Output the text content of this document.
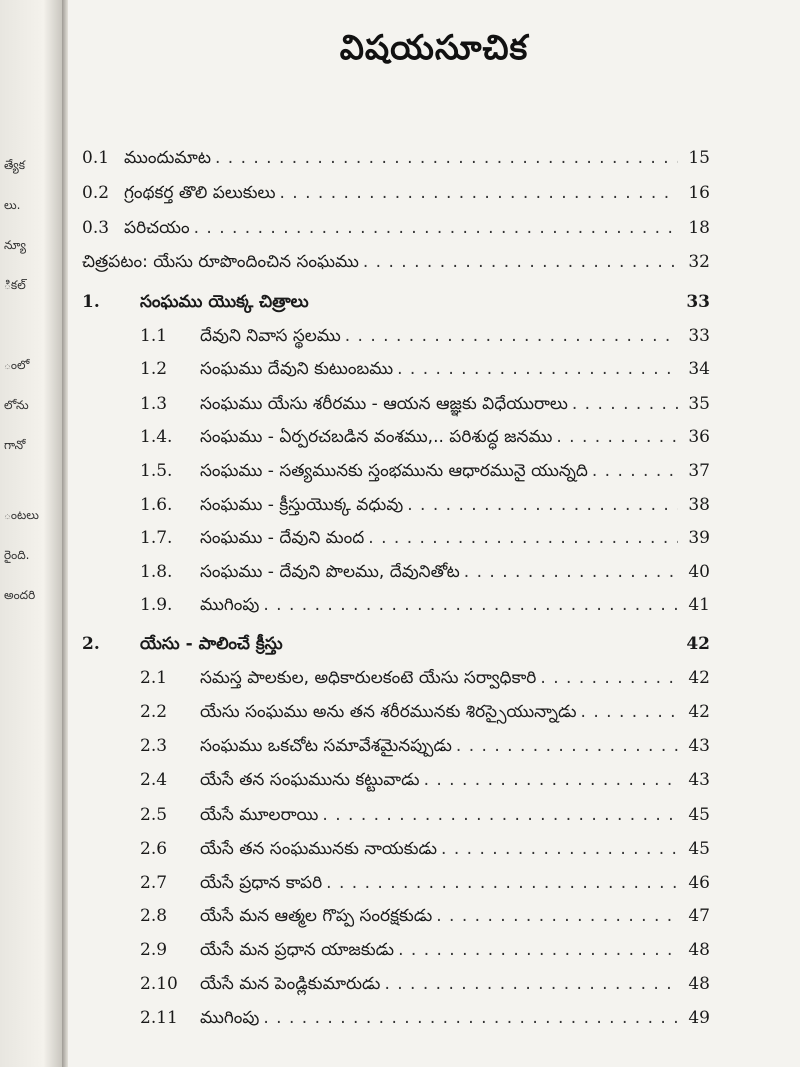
త్యేక
లు.
న్యూ
ికల్
ంలో
లోను
గానో
ంటలు
రైంది.
అందరి
విషయసూచిక
0.1 ముందుమాట . . .	15
0.2 గ్రంథకర్త తొలి పలుకులు . . .	16
0.3 పరిచయం . . .	18
చిత్రపటం: యేసు రూపొందించిన సంఘము . . .	32
1.	సంఘము యొక్క చిత్రాలు	33
1.1	దేవుని నివాస స్థలము . . .	33
1.2	సంఘము దేవుని కుటుంబము . . .	34
1.3	సంఘము యేసు శరీరము - ఆయన ఆజ్ఞకు విధేయురాలు . . .	35
1.4.	సంఘము - ఏర్పరచబడిన వంశము,.. పరిశుద్ధ జనము . . .	36
1.5.	సంఘము - సత్యమునకు స్తంభమును ఆధారమునై యున్నది . . .	37
1.6.	సంఘము - క్రీస్తుయొక్క వధువు . . .	38
1.7.	సంఘము - దేవుని మంద . . .	39
1.8.	సంఘము - దేవుని పొలము, దేవునితోట . . .	40
1.9.	ముగింపు . . .	41
2.	యేసు - పాలించే క్రీస్తు	42
2.1	సమస్త పాలకుల, అధికారులకంటె యేసు సర్వాధికారి . . .	42
2.2	యేసు సంఘము అను తన శరీరమునకు శిరస్సైయున్నాడు . . .	42
2.3	సంఘము ఒకచోట సమావేశమైనప్పుడు . . .	43
2.4	యేసే తన సంఘమును కట్టువాడు . . .	43
2.5	యేసే మూలరాయి . . .	45
2.6	యేసే తన సంఘమునకు నాయకుడు . . .	45
2.7	యేసే ప్రధాన కాపరి . . .	46
2.8	యేసే మన ఆత్మల గొప్ప సంరక్షకుడు . . .	47
2.9	యేసే మన ప్రధాన యాజకుడు . . .	48
2.10	యేసే మన పెండ్లికుమారుడు . . .	48
2.11	ముగింపు . . .	49
